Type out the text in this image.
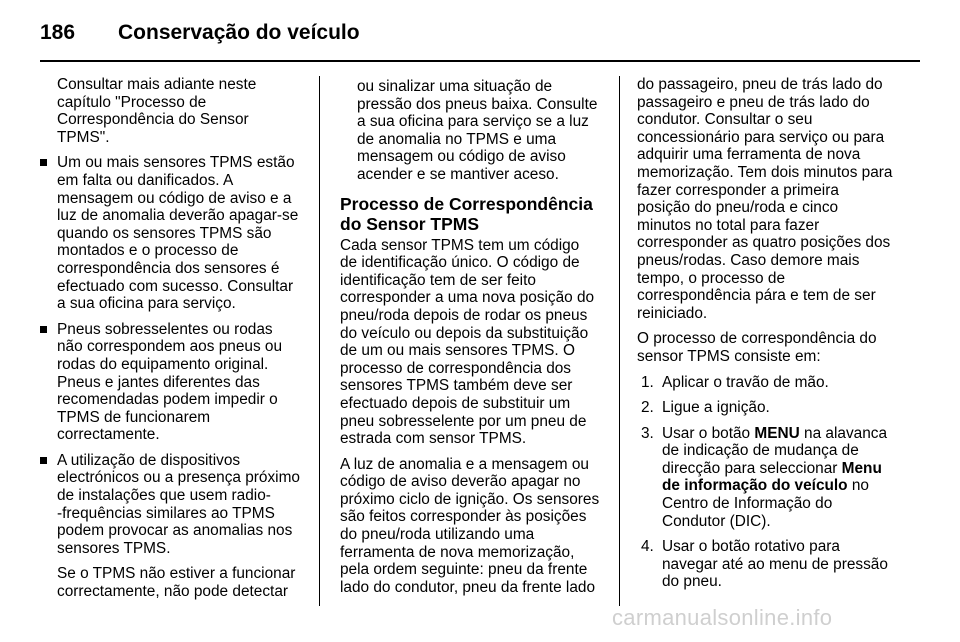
186 Conservação do veículo
Consultar mais adiante neste
capítulo "Processo de
Correspondência do Sensor
TPMS".
Um ou mais sensores TPMS estão
em falta ou danificados. A
mensagem ou código de aviso e a
luz de anomalia deverão apagar-se
quando os sensores TPMS são
montados e o processo de
correspondência dos sensores é
efectuado com sucesso. Consultar
a sua oficina para serviço.
Pneus sobresselentes ou rodas
não correspondem aos pneus ou
rodas do equipamento original.
Pneus e jantes diferentes das
recomendadas podem impedir o
TPMS de funcionarem
correctamente.
A utilização de dispositivos
electrónicos ou a presença próximo
de instalações que usem radio-
-frequências similares ao TPMS
podem provocar as anomalias nos
sensores TPMS.
Se o TPMS não estiver a funcionar
correctamente, não pode detectar
ou sinalizar uma situação de
pressão dos pneus baixa. Consulte
a sua oficina para serviço se a luz
de anomalia no TPMS e uma
mensagem ou código de aviso
acender e se mantiver aceso.
Processo de Correspondência
do Sensor TPMS
Cada sensor TPMS tem um código
de identificação único. O código de
identificação tem de ser feito
corresponder a uma nova posição do
pneu/roda depois de rodar os pneus
do veículo ou depois da substituição
de um ou mais sensores TPMS. O
processo de correspondência dos
sensores TPMS também deve ser
efectuado depois de substituir um
pneu sobresselente por um pneu de
estrada com sensor TPMS.
A luz de anomalia e a mensagem ou
código de aviso deverão apagar no
próximo ciclo de ignição. Os sensores
são feitos corresponder às posições
do pneu/roda utilizando uma
ferramenta de nova memorização,
pela ordem seguinte: pneu da frente
lado do condutor, pneu da frente lado
do passageiro, pneu de trás lado do
passageiro e pneu de trás lado do
condutor. Consultar o seu
concessionário para serviço ou para
adquirir uma ferramenta de nova
memorização. Tem dois minutos para
fazer corresponder a primeira
posição do pneu/roda e cinco
minutos no total para fazer
corresponder as quatro posições dos
pneus/rodas. Caso demore mais
tempo, o processo de
correspondência pára e tem de ser
reiniciado.
O processo de correspondência do
sensor TPMS consiste em:
1. Aplicar o travão de mão.
2. Ligue a ignição.
3. Usar o botão MENU na alavanca
de indicação de mudança de
direcção para seleccionar Menu
de informação do veículo no
Centro de Informação do
Condutor (DIC).
4. Usar o botão rotativo para
navegar até ao menu de pressão
do pneu.
carmanualsonline.info
